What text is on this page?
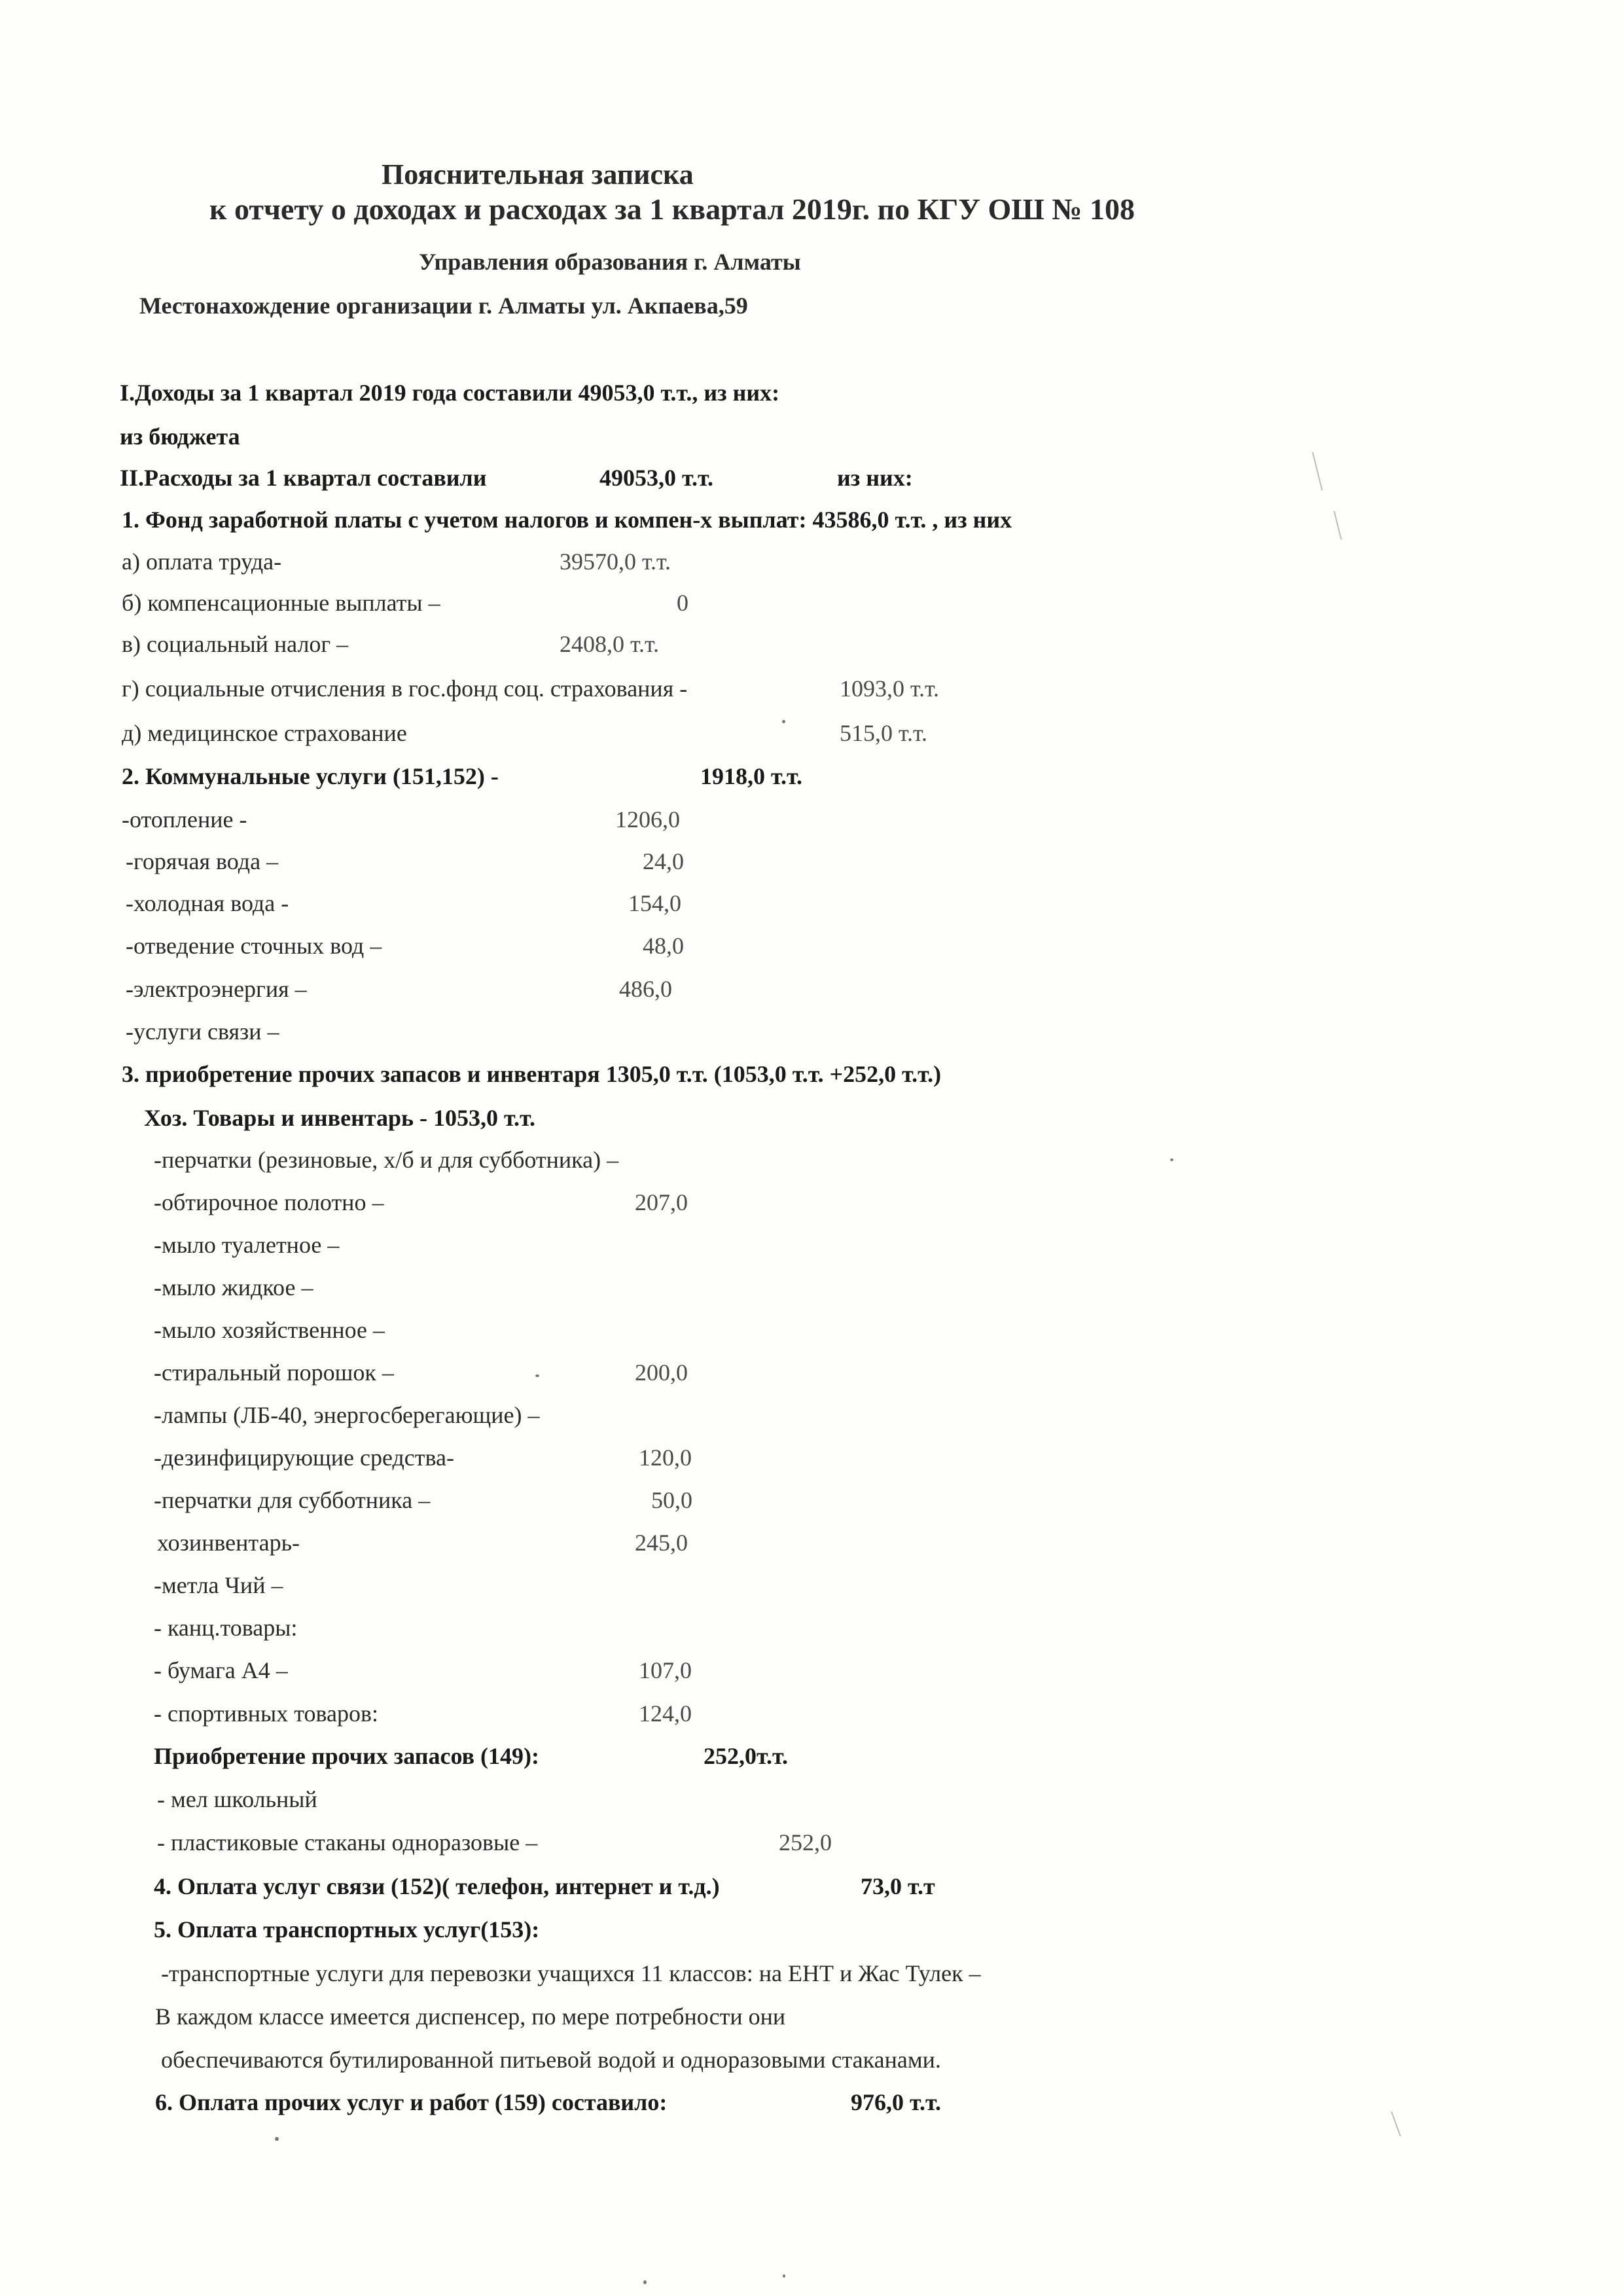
Пояснительная записка
к отчету о доходах и расходах за 1 квартал 2019г. по КГУ ОШ № 108
Управления образования г. Алматы
Местонахождение организации г. Алматы ул. Акпаева,59
I.Доходы за 1 квартал 2019 года составили 49053,0 т.т., из них:
из бюджета
II.Расходы за 1 квартал составили	49053,0 т.т.	из них:
1. Фонд заработной платы с учетом налогов и компен-х выплат: 43586,0 т.т. , из них
а) оплата труда-	39570,0 т.т.
б) компенсационные выплаты –	0
в) социальный налог –	2408,0 т.т.
г) социальные отчисления в гос.фонд соц. страхования -	1093,0 т.т.
д) медицинское страхование	515,0 т.т.
2. Коммунальные услуги (151,152) -	1918,0 т.т.
-отопление -	1206,0
-горячая вода –	24,0
-холодная вода -	154,0
-отведение сточных вод –	48,0
-электроэнергия –	486,0
-услуги связи –
3. приобретение прочих запасов и инвентаря 1305,0 т.т. (1053,0 т.т. +252,0 т.т.)
Хоз. Товары и инвентарь - 1053,0 т.т.
-перчатки (резиновые, х/б и для субботника) –
-обтирочное полотно –	207,0
-мыло туалетное –
-мыло жидкое –
-мыло хозяйственное –
-стиральный порошок –	200,0
-лампы (ЛБ-40, энергосберегающие) –
-дезинфицирующие средства-	120,0
-перчатки для субботника –	50,0
хозинвентарь-	245,0
-метла Чий –
- канц.товары:
- бумага А4 –	107,0
- спортивных товаров:	124,0
Приобретение прочих запасов (149):	252,0т.т.
- мел школьный
- пластиковые стаканы одноразовые –	252,0
4. Оплата услуг связи (152)( телефон, интернет и т.д.)	73,0 т.т
5. Оплата транспортных услуг(153):
-транспортные услуги для перевозки учащихся 11 классов: на ЕНТ и Жас Тулек –
В каждом классе имеется диспенсер, по мере потребности они
обеспечиваются бутилированной питьевой водой и одноразовыми стаканами.
6. Оплата прочих услуг и работ (159) составило:	976,0 т.т.
